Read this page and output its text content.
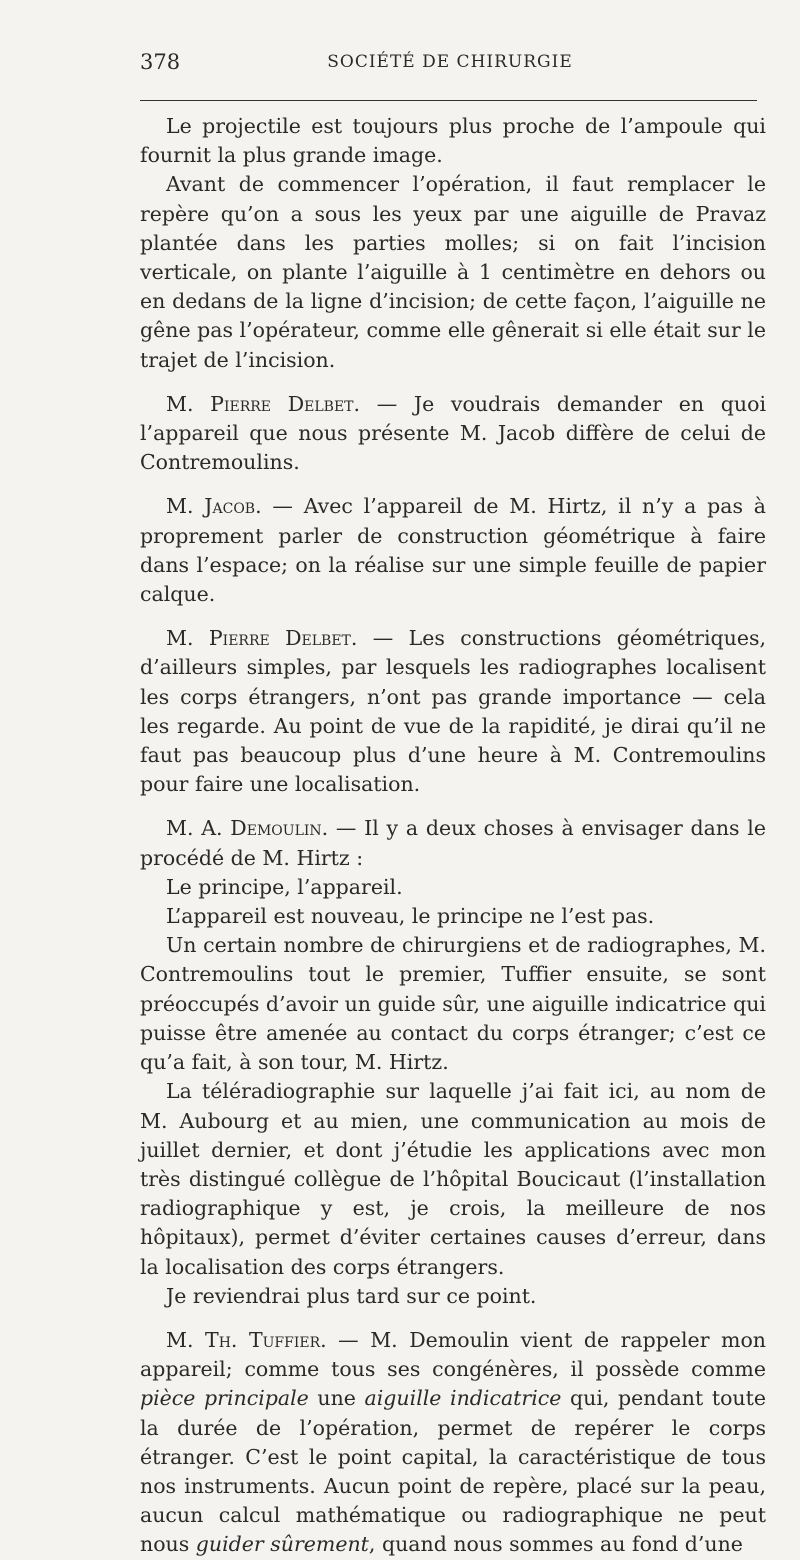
378	SOCIÉTÉ DE CHIRURGIE

Le projectile est toujours plus proche de l’ampoule qui fournit la plus grande image.

Avant de commencer l’opération, il faut remplacer le repère qu’on a sous les yeux par une aiguille de Pravaz plantée dans les parties molles; si on fait l’incision verticale, on plante l’aiguille à 1 centimètre en dehors ou en dedans de la ligne d’incision; de cette façon, l’aiguille ne gêne pas l’opérateur, comme elle gênerait si elle était sur le trajet de l’incision.

M. Pierre Delbet. — Je voudrais demander en quoi l’appareil que nous présente M. Jacob diffère de celui de Contremoulins.

M. Jacob. — Avec l’appareil de M. Hirtz, il n’y a pas à proprement parler de construction géométrique à faire dans l’espace; on la réalise sur une simple feuille de papier calque.

M. Pierre Delbet. — Les constructions géométriques, d’ailleurs simples, par lesquels les radiographes localisent les corps étrangers, n’ont pas grande importance — cela les regarde. Au point de vue de la rapidité, je dirai qu’il ne faut pas beaucoup plus d’une heure à M. Contremoulins pour faire une localisation.

M. A. Demoulin. — Il y a deux choses à envisager dans le procédé de M. Hirtz :

Le principe, l’appareil.

L’appareil est nouveau, le principe ne l’est pas.

Un certain nombre de chirurgiens et de radiographes, M. Contremoulins tout le premier, Tuffier ensuite, se sont préoccupés d’avoir un guide sûr, une aiguille indicatrice qui puisse être amenée au contact du corps étranger; c’est ce qu’a fait, à son tour, M. Hirtz.

La téléradiographie sur laquelle j’ai fait ici, au nom de M. Aubourg et au mien, une communication au mois de juillet dernier, et dont j’étudie les applications avec mon très distingué collègue de l’hôpital Boucicaut (l’installation radiographique y est, je crois, la meilleure de nos hôpitaux), permet d’éviter certaines causes d’erreur, dans la localisation des corps étrangers.

Je reviendrai plus tard sur ce point.

M. Th. Tuffier. — M. Demoulin vient de rappeler mon appareil; comme tous ses congénères, il possède comme pièce principale une aiguille indicatrice qui, pendant toute la durée de l’opération, permet de repérer le corps étranger. C’est le point capital, la caractéristique de tous nos instruments. Aucun point de repère, placé sur la peau, aucun calcul mathématique ou radiographique ne peut nous guider sûrement, quand nous sommes au fond d’une
